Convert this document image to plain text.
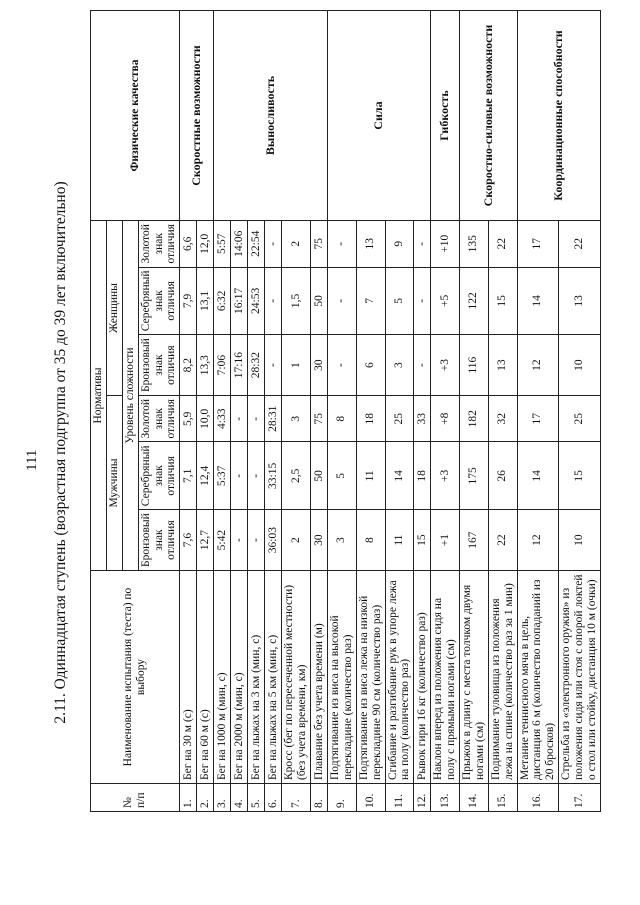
111 2.11. Одиннадцатая ступень (возрастная подгруппа от 35 до 39 лет включительно)
№ п/п	Наименование испытания (теста) по выбору	Нормативы						Физические качества
		Мужчины			Женщины			
		Уровень сложности						
		Бронзовый знак отличия	Серебряный знак отличия	Золотой знак отличия	Бронзовый знак отличия	Серебряный знак отличия	Золотой знак отличия	
1.	Бег на 30 м (с)	7,6	7,1	5,9	8,2	7,9	6,6	Скоростные возможности
2.	Бег на 60 м (с)	12,7	12,4	10,0	13,3	13,1	12,0	
3.	Бег на 1000 м (мин, с)	5:42	5:37	4:33	7:06	6:32	5:57	Выносливость
4.	Бег на 2000 м (мин, с)	-	-	-	17:16	16:17	14:06	
5.	Бег на лыжах на 3 км (мин, с)	-	-	-	28:32	24:53	22:54	
6.	Бег на лыжах на 5 км (мин, с)	36:03	33:15	28:31	-	-	-	
7.	Кросс (бег по пересеченной местности) (без учета времени, км)	2	2,5	3	1	1,5	2	
8.	Плавание без учета времени (м)	30	50	75	30	50	75	
9.	Подтягивание из виса на высокой перекладине (количество раз)	3	5	8	-	-	-	Сила
10.	Подтягивание из виса лежа на низкой перекладине 90 см (количество раз)	8	11	18	6	7	13	
11.	Сгибание и разгибание рук в упоре лежа на полу (количество раз)	11	14	25	3	5	9	
12.	Рывок гири 16 кг (количество раз)	15	18	33	-	-	-	
13.	Наклон вперед из положения сидя на полу с прямыми ногами (см)	+1	+3	+8	+3	+5	+10	Гибкость
14.	Прыжок в длину с места толчком двумя ногами (см)	167	175	182	116	122	135	Скоростно-силовые возможности
15.	Поднимание туловища из положения лежа на спине (количество раз за 1 мин)	22	26	32	13	15	22	
16.	Метание теннисного мяча в цель, дистанция 6 м (количество попаданий из 20 бросков)	12	14	17	12	14	17	Координационные способности
17.	Стрельба из «электронного оружия» из положения сидя или стоя с опорой локтей о стол или стойку, дистанция 10 м (очки)	10	15	25	10	13	22	
